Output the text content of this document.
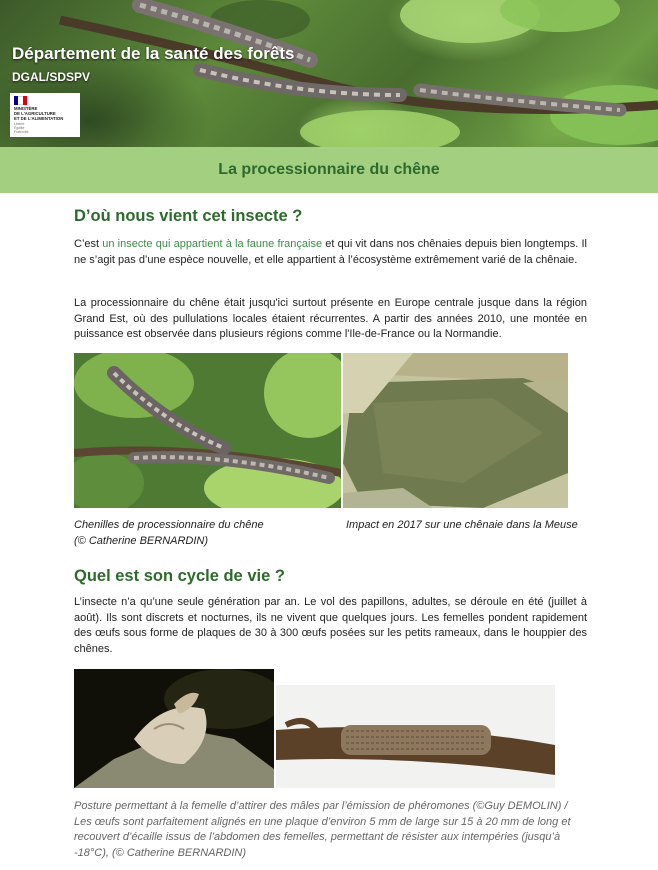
Département de la santé des forêts
DGAL/SDSPV
MINISTÈRE
DE L'AGRICULTURE
ET DE L'ALIMENTATION
Liberté
Égalité
Fraternité
La processionnaire du chêne
D’où nous vient cet insecte ?

C’est un insecte qui appartient à la faune française et qui vit dans nos chênaies depuis bien longtemps. Il ne s’agit pas d’une espèce nouvelle, et elle appartient à l’écosystème extrêmement varié de la chênaie.

La processionnaire du chêne était jusqu'ici surtout présente en Europe centrale jusque dans la région Grand Est, où des pullulations locales étaient récurrentes. A partir des années 2010, une montée en puissance est observée dans plusieurs régions comme l'Ile-de-France ou la Normandie.

Chenilles de processionnaire du chêne
(© Catherine BERNARDIN)
Impact en 2017 sur une chênaie dans la Meuse
Quel est son cycle de vie ?

L’insecte n’a qu’une seule génération par an. Le vol des papillons, adultes, se déroule en été (juillet à août). Ils sont discrets et nocturnes, ils ne vivent que quelques jours. Les femelles pondent rapidement des œufs sous forme de plaques de 30 à 300 œufs posées sur les petits rameaux, dans le houppier des chênes.

Posture permettant à la femelle d’attirer des mâles par l’émission de phéromones (©Guy DEMOLIN) / Les œufs sont parfaitement alignés en une plaque d’environ 5 mm de large sur 15 à 20 mm de long et recouvert d’écaille issus de l’abdomen des femelles, permettant de résister aux intempéries (jusqu’à -18°C), (© Catherine BERNARDIN)
